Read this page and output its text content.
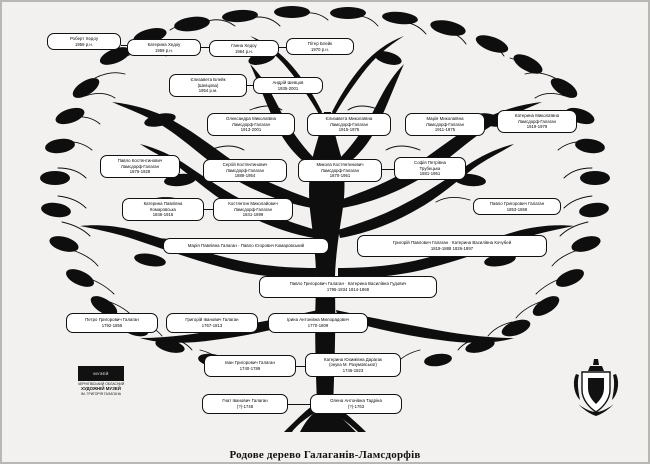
Роберт Хедоу
1959 р.н.	Катерина Хедоу
1959 р.н.
Ганна Хедоу
1964 р.н.
Пітер Блейк
1970 р.н.
Єлизавета Блейк
(Шевцова)
1954 р.м.
Андрій Шевцов
1935-2001
Олександра Миколаївна
Ламсдорф-Галаган
1913-2001
Єлизавета Миколаївна
Ламсдорф-Галаган
1915-1975
Марія Миколаївна
Ламсдорф-Галаган
1911-1975
Катерина Миколаївна
Ламсдорф-Галаган
1919-1979
Павло Костянтинович
Ламсдорф-Галаган
1876-1928
Сергій Костянтинович
Ламсдорф-Галаган
1888-1954
Микола Костянтинович
Ламсдорф-Галаган
1870-1951
Софія Петрівна
Трубецька
1881-1951
Катерина Павлівна
Комаровська
1846-1916
Костянтин Миколайович
Ламсдорф-Галаган
1841-1899
Павло Григорович Галаган
1853-1869
Марія Павлівна Галаган · Павло Єгорович Комаровський
Григорій Павлович Галаган · Катерина Василівна Кочубей
1819-1888 1826-1897
Павло Григорович Галаган · Катерина Василівна Гудович
1795-1834 1814-1868
Петро Григорович Галаган
1792-1855
Григорій Іванович Галаган
1767-1813
Ірина Антонівна Милорадович
1770-1809
Іван Григорович Галаган
1740-1789
Катерина Юхимівна Дарагак
(онука М. Разумовської)
1746-1823
Гнат Іванович Галаган
(?)-1748
Олена Антонівна Тадріна
(?)-1763
МУЗЕЙ
ЧЕРНІГІВСЬКИЙ ОБЛАСНИЙ
ХУДОЖНІЙ МУЗЕЙ
ІМ. ГРИГОРІЯ ГАЛАГАНА
Родове дерево Галаганів-Ламсдорфів
